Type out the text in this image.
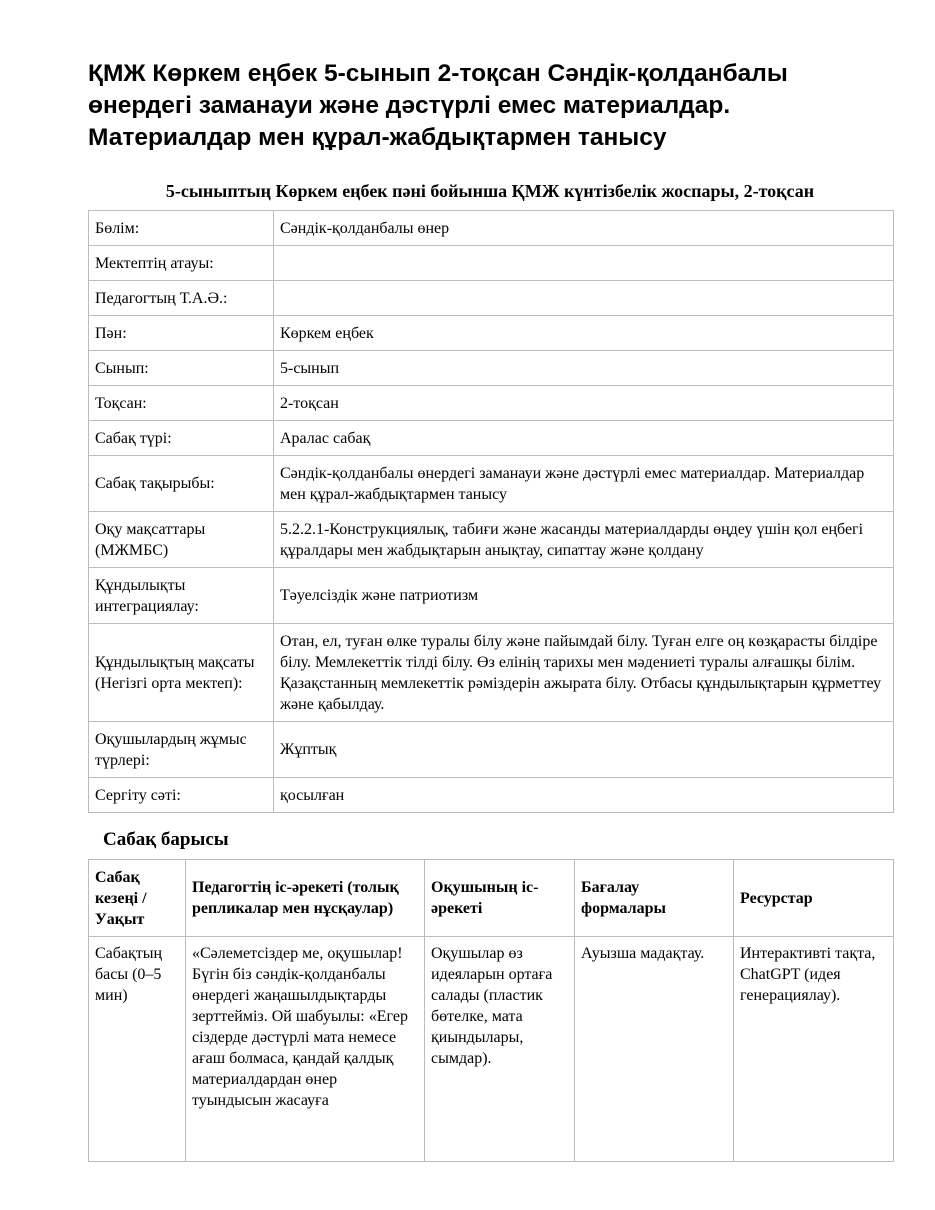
ҚМЖ Көркем еңбек 5-сынып 2-тоқсан Сәндік-қолданбалы өнердегі заманауи және дәстүрлі емес материалдар. Материалдар мен құрал-жабдықтармен танысу
5-сыныптың Көркем еңбек пәні бойынша ҚМЖ күнтізбелік жоспары, 2-тоқсан
Бөлім:	Сәндік-қолданбалы өнер
Мектептің атауы:	
Педагогтың Т.А.Ә.:	
Пән:	Көркем еңбек
Сынып:	5-сынып
Тоқсан:	2-тоқсан
Сабақ түрі:	Аралас сабақ
Сабақ тақырыбы:	Сәндік-қолданбалы өнердегі заманауи және дәстүрлі емес материалдар. Материалдар мен құрал-жабдықтармен танысу
Оқу мақсаттары (МЖМБС)	5.2.2.1-Конструкциялық, табиғи және жасанды материалдарды өңдеу үшін қол еңбегі құралдары мен жабдықтарын анықтау, сипаттау және қолдану
Құндылықты интеграциялау:	Тәуелсіздік және патриотизм
Құндылықтың мақсаты (Негізгі орта мектеп):	Отан, ел, туған өлке туралы білу және пайымдай білу. Туған елге оң көзқарасты білдіре білу. Мемлекеттік тілді білу. Өз елінің тарихы мен мәдениеті туралы алғашқы білім. Қазақстанның мемлекеттік рәміздерін ажырата білу. Отбасы құндылықтарын құрметтеу және қабылдау.
Оқушылардың жұмыс түрлері:	Жұптық
Сергіту сәті:	қосылған
Сабақ барысы
Сабақ кезеңі / Уақыт	Педагогтің іс-әрекеті (толық репликалар мен нұсқаулар)	Оқушының іс-әрекеті	Бағалау формалары	Ресурстар
Сабақтың басы (0–5 мин)	«Сәлеметсіздер ме, оқушылар! Бүгін біз сәндік-қолданбалы өнердегі жаңашылдықтарды зерттейміз. Ой шабуылы: «Егер сіздерде дәстүрлі мата немесе ағаш болмаса, қандай қалдық материалдардан өнер туындысын жасауға	Оқушылар өз идеяларын ортаға салады (пластик бөтелке, мата қиындылары, сымдар).	Ауызша мадақтау.	Интерактивті тақта, ChatGPT (идея генерациялау).
